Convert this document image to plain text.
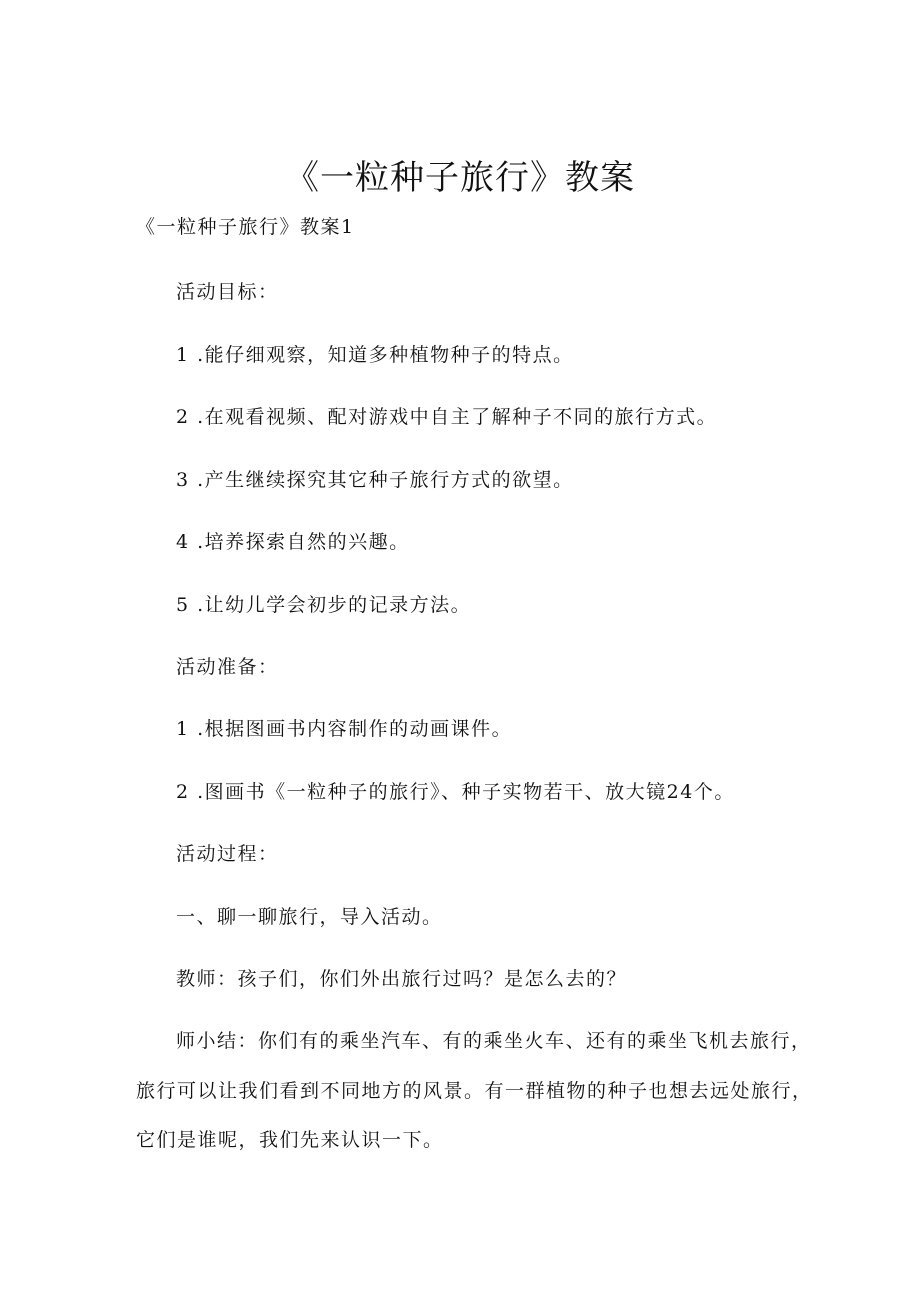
《一粒种子旅行》教案
《一粒种子旅行》教案1
活动目标：
1 .能仔细观察，知道多种植物种子的特点。
2 .在观看视频、配对游戏中自主了解种子不同的旅行方式。
3 .产生继续探究其它种子旅行方式的欲望。
4 .培养探索自然的兴趣。
5 .让幼儿学会初步的记录方法。
活动准备：
1 .根据图画书内容制作的动画课件。
2 .图画书《一粒种子的旅行》、种子实物若干、放大镜24个。
活动过程：
一、聊一聊旅行，导入活动。
教师：孩子们，你们外出旅行过吗？是怎么去的？
师小结：你们有的乘坐汽车、有的乘坐火车、还有的乘坐飞机去旅行，
旅行可以让我们看到不同地方的风景。有一群植物的种子也想去远处旅行，
它们是谁呢，我们先来认识一下。
